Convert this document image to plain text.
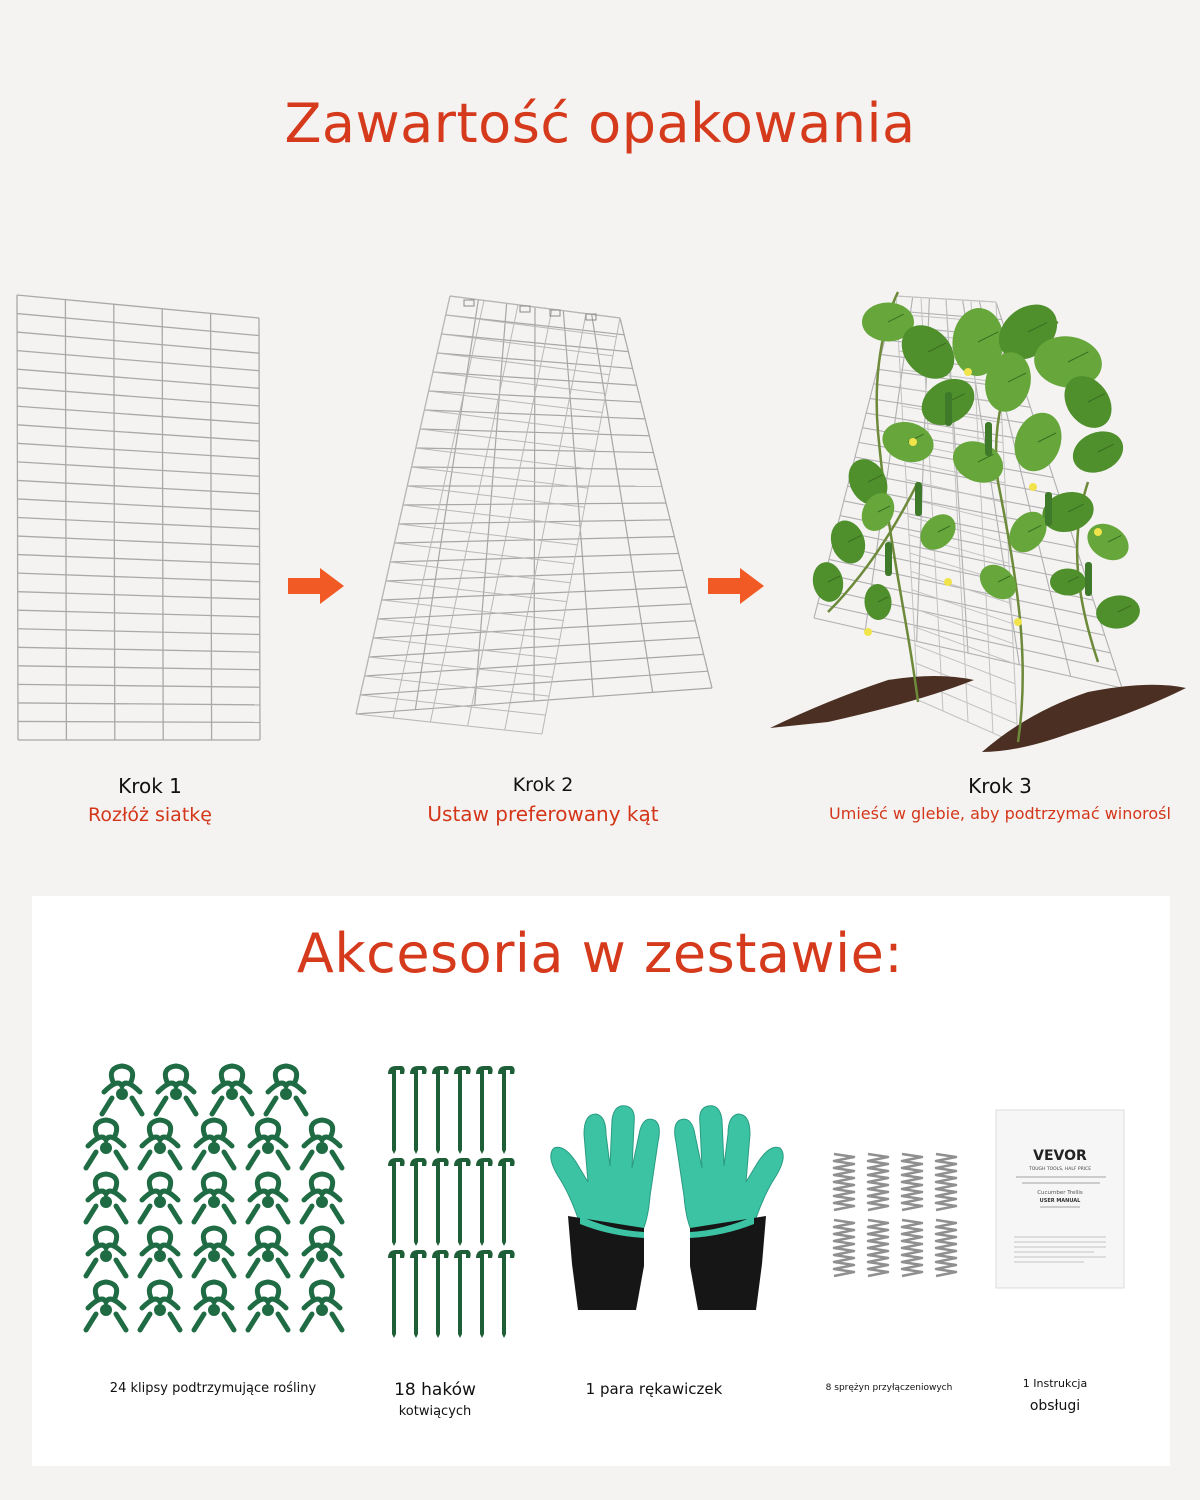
Zawartość opakowania
Krok 1
Rozłóż siatkę
Krok 2
Ustaw preferowany kąt
Krok 3
Umieść w glebie, aby podtrzymać winorośl
Akcesoria w zestawie:
VEVOR
TOUGH TOOLS, HALF PRICE
Cucumber Trellis
USER MANUAL
24 klipsy podtrzymujące rośliny	18 haków
kotwiących
1 para rękawiczek	8 sprężyn przyłączeniowych	1 Instrukcja
obsługi
